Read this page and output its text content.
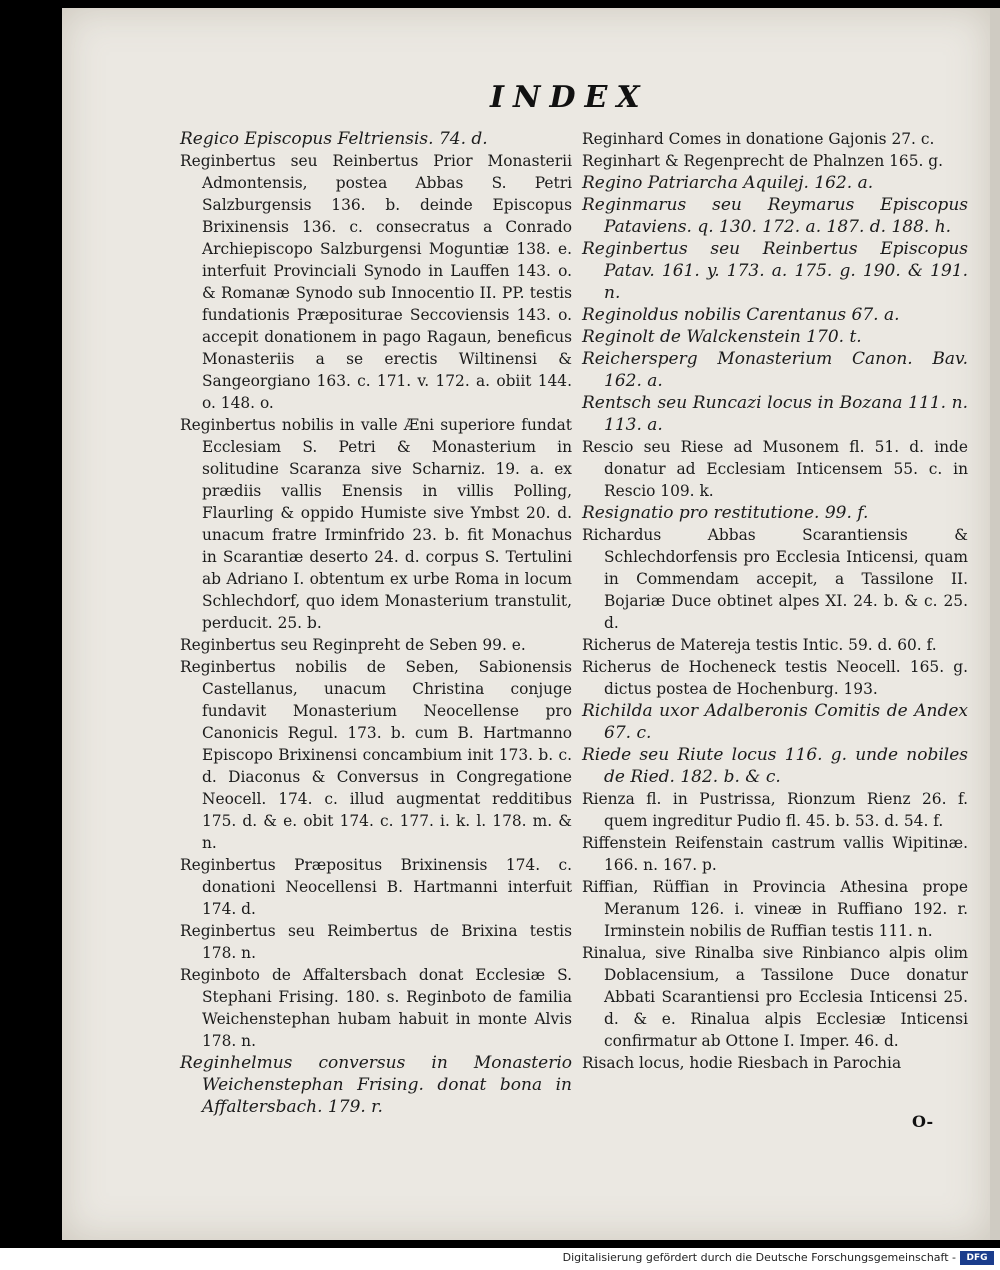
INDEX

Regico Episcopus Feltriensis. 74. d.

Reginbertus seu Reinbertus Prior Monasterii Admontensis, postea Abbas S. Petri Salzburgensis 136. b. deinde Episcopus Brixinensis 136. c. consecratus a Conrado Archiepiscopo Salzburgensi Moguntiæ 138. e. interfuit Provinciali Synodo in Lauffen 143. o. & Romanæ Synodo sub Innocentio II. PP. testis fundationis Præpositurae Seccoviensis 143. o. accepit donationem in pago Ragaun, beneficus Monasteriis a se erectis Wiltinensi & Sangeorgiano 163. c. 171. v. 172. a. obiit 144. o. 148. o.

Reginbertus nobilis in valle Æni superiore fundat Ecclesiam S. Petri & Monasterium in solitudine Scaranza sive Scharniz. 19. a. ex prædiis vallis Enensis in villis Polling, Flaurling & oppido Humiste sive Ymbst 20. d. unacum fratre Irminfrido 23. b. fit Monachus in Scarantiæ deserto 24. d. corpus S. Tertulini ab Adriano I. obtentum ex urbe Roma in locum Schlechdorf, quo idem Monasterium transtulit, perducit. 25. b.

Reginbertus seu Reginpreht de Seben 99. e.

Reginbertus nobilis de Seben, Sabionensis Castellanus, unacum Christina conjuge fundavit Monasterium Neocellense pro Canonicis Regul. 173. b. cum B. Hartmanno Episcopo Brixinensi concambium init 173. b. c. d. Diaconus & Conversus in Congregatione Neocell. 174. c. illud augmentat redditibus 175. d. & e. obit 174. c. 177. i. k. l. 178. m. & n.

Reginbertus Præpositus Brixinensis 174. c. donationi Neocellensi B. Hartmanni interfuit 174. d.

Reginbertus seu Reimbertus de Brixina testis 178. n.

Reginboto de Affaltersbach donat Ecclesiæ S. Stephani Frising. 180. s. Reginboto de familia Weichenstephan hubam habuit in monte Alvis 178. n.

Reginhelmus conversus in Monasterio Weichenstephan Frising. donat bona in Affaltersbach. 179. r.

Reginhard Comes in donatione Gajonis 27. c.

Reginhart & Regenprecht de Phalnzen 165. g.

Regino Patriarcha Aquilej. 162. a.

Reginmarus seu Reymarus Episcopus Pataviens. q. 130. 172. a. 187. d. 188. h.

Reginbertus seu Reinbertus Episcopus Patav. 161. y. 173. a. 175. g. 190. & 191. n.

Reginoldus nobilis Carentanus 67. a.

Reginolt de Walckenstein 170. t.

Reichersperg Monasterium Canon. Bav. 162. a.

Rentsch seu Runcazi locus in Bozana 111. n. 113. a.

Rescio seu Riese ad Musonem fl. 51. d. inde donatur ad Ecclesiam Inticensem 55. c. in Rescio 109. k.

Resignatio pro restitutione. 99. f.

Richardus Abbas Scarantiensis & Schlechdorfensis pro Ecclesia Inticensi, quam in Commendam accepit, a Tassilone II. Bojariæ Duce obtinet alpes XI. 24. b. & c. 25. d.

Richerus de Matereja testis Intic. 59. d. 60. f.

Richerus de Hocheneck testis Neocell. 165. g. dictus postea de Hochenburg. 193.

Richilda uxor Adalberonis Comitis de Andex 67. c.

Riede seu Riute locus 116. g. unde nobiles de Ried. 182. b. & c.

Rienza fl. in Pustrissa, Rionzum Rienz 26. f. quem ingreditur Pudio fl. 45. b. 53. d. 54. f.

Riffenstein Reifenstain castrum vallis Wipitinæ. 166. n. 167. p.

Riffian, Rüffian in Provincia Athesina prope Meranum 126. i. vineæ in Ruffiano 192. r. Irminstein nobilis de Ruffian testis 111. n.

Rinalua, sive Rinalba sive Rinbianco alpis olim Doblacensium, a Tassilone Duce donatur Abbati Scarantiensi pro Ecclesia Inticensi 25. d. & e. Rinalua alpis Ecclesiæ Inticensi confirmatur ab Ottone I. Imper. 46. d.

Risach locus, hodie Riesbach in Parochia

O-
Digitalisierung gefördert durch die Deutsche Forschungsgemeinschaft -	DFG
